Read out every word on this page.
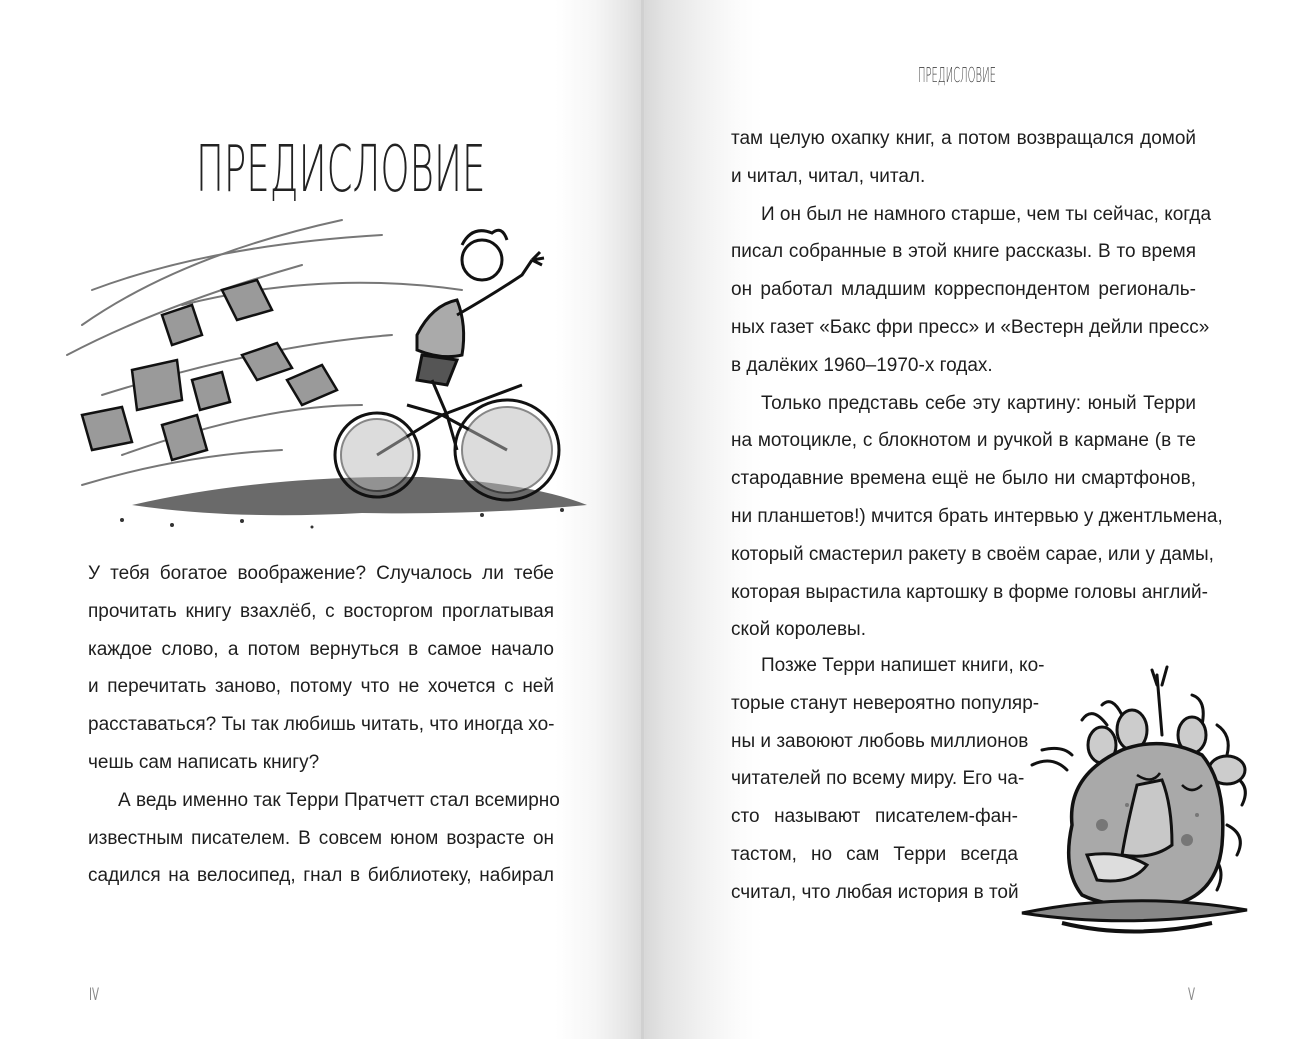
ПРЕДИСЛОВИЕ
У тебя богатое воображение? Случалось ли тебе
прочитать книгу взахлёб, с восторгом проглатывая
каждое слово, а потом вернуться в самое начало
и перечитать заново, потому что не хочется с ней
расставаться? Ты так любишь читать, что иногда хо-
чешь сам написать книгу?
А ведь именно так Терри Пратчетт стал всемирно
известным писателем. В совсем юном возрасте он
садился на велосипед, гнал в библиотеку, набирал
IV
ПРЕДИСЛОВИЕ
там целую охапку книг, а потом возвращался домой
и читал, читал, читал.
И он был не намного старше, чем ты сейчас, когда
писал собранные в этой книге рассказы. В то время
он работал младшим корреспондентом региональ-
ных газет «Бакс фри пресс» и «Вестерн дейли пресс»
в далёких 1960–1970-х годах.
Только представь себе эту картину: юный Терри
на мотоцикле, с блокнотом и ручкой в кармане (в те
стародавние времена ещё не было ни смартфонов,
ни планшетов!) мчится брать интервью у джентльмена,
который смастерил ракету в своём сарае, или у дамы,
которая вырастила картошку в форме головы англий-
ской королевы.
Позже Терри напишет книги, ко-
торые станут невероятно популяр-
ны и завоюют любовь миллионов
читателей по всему миру. Его ча-
сто называют писателем-фан-
тастом, но сам Терри всегда
считал, что любая история в той
V
